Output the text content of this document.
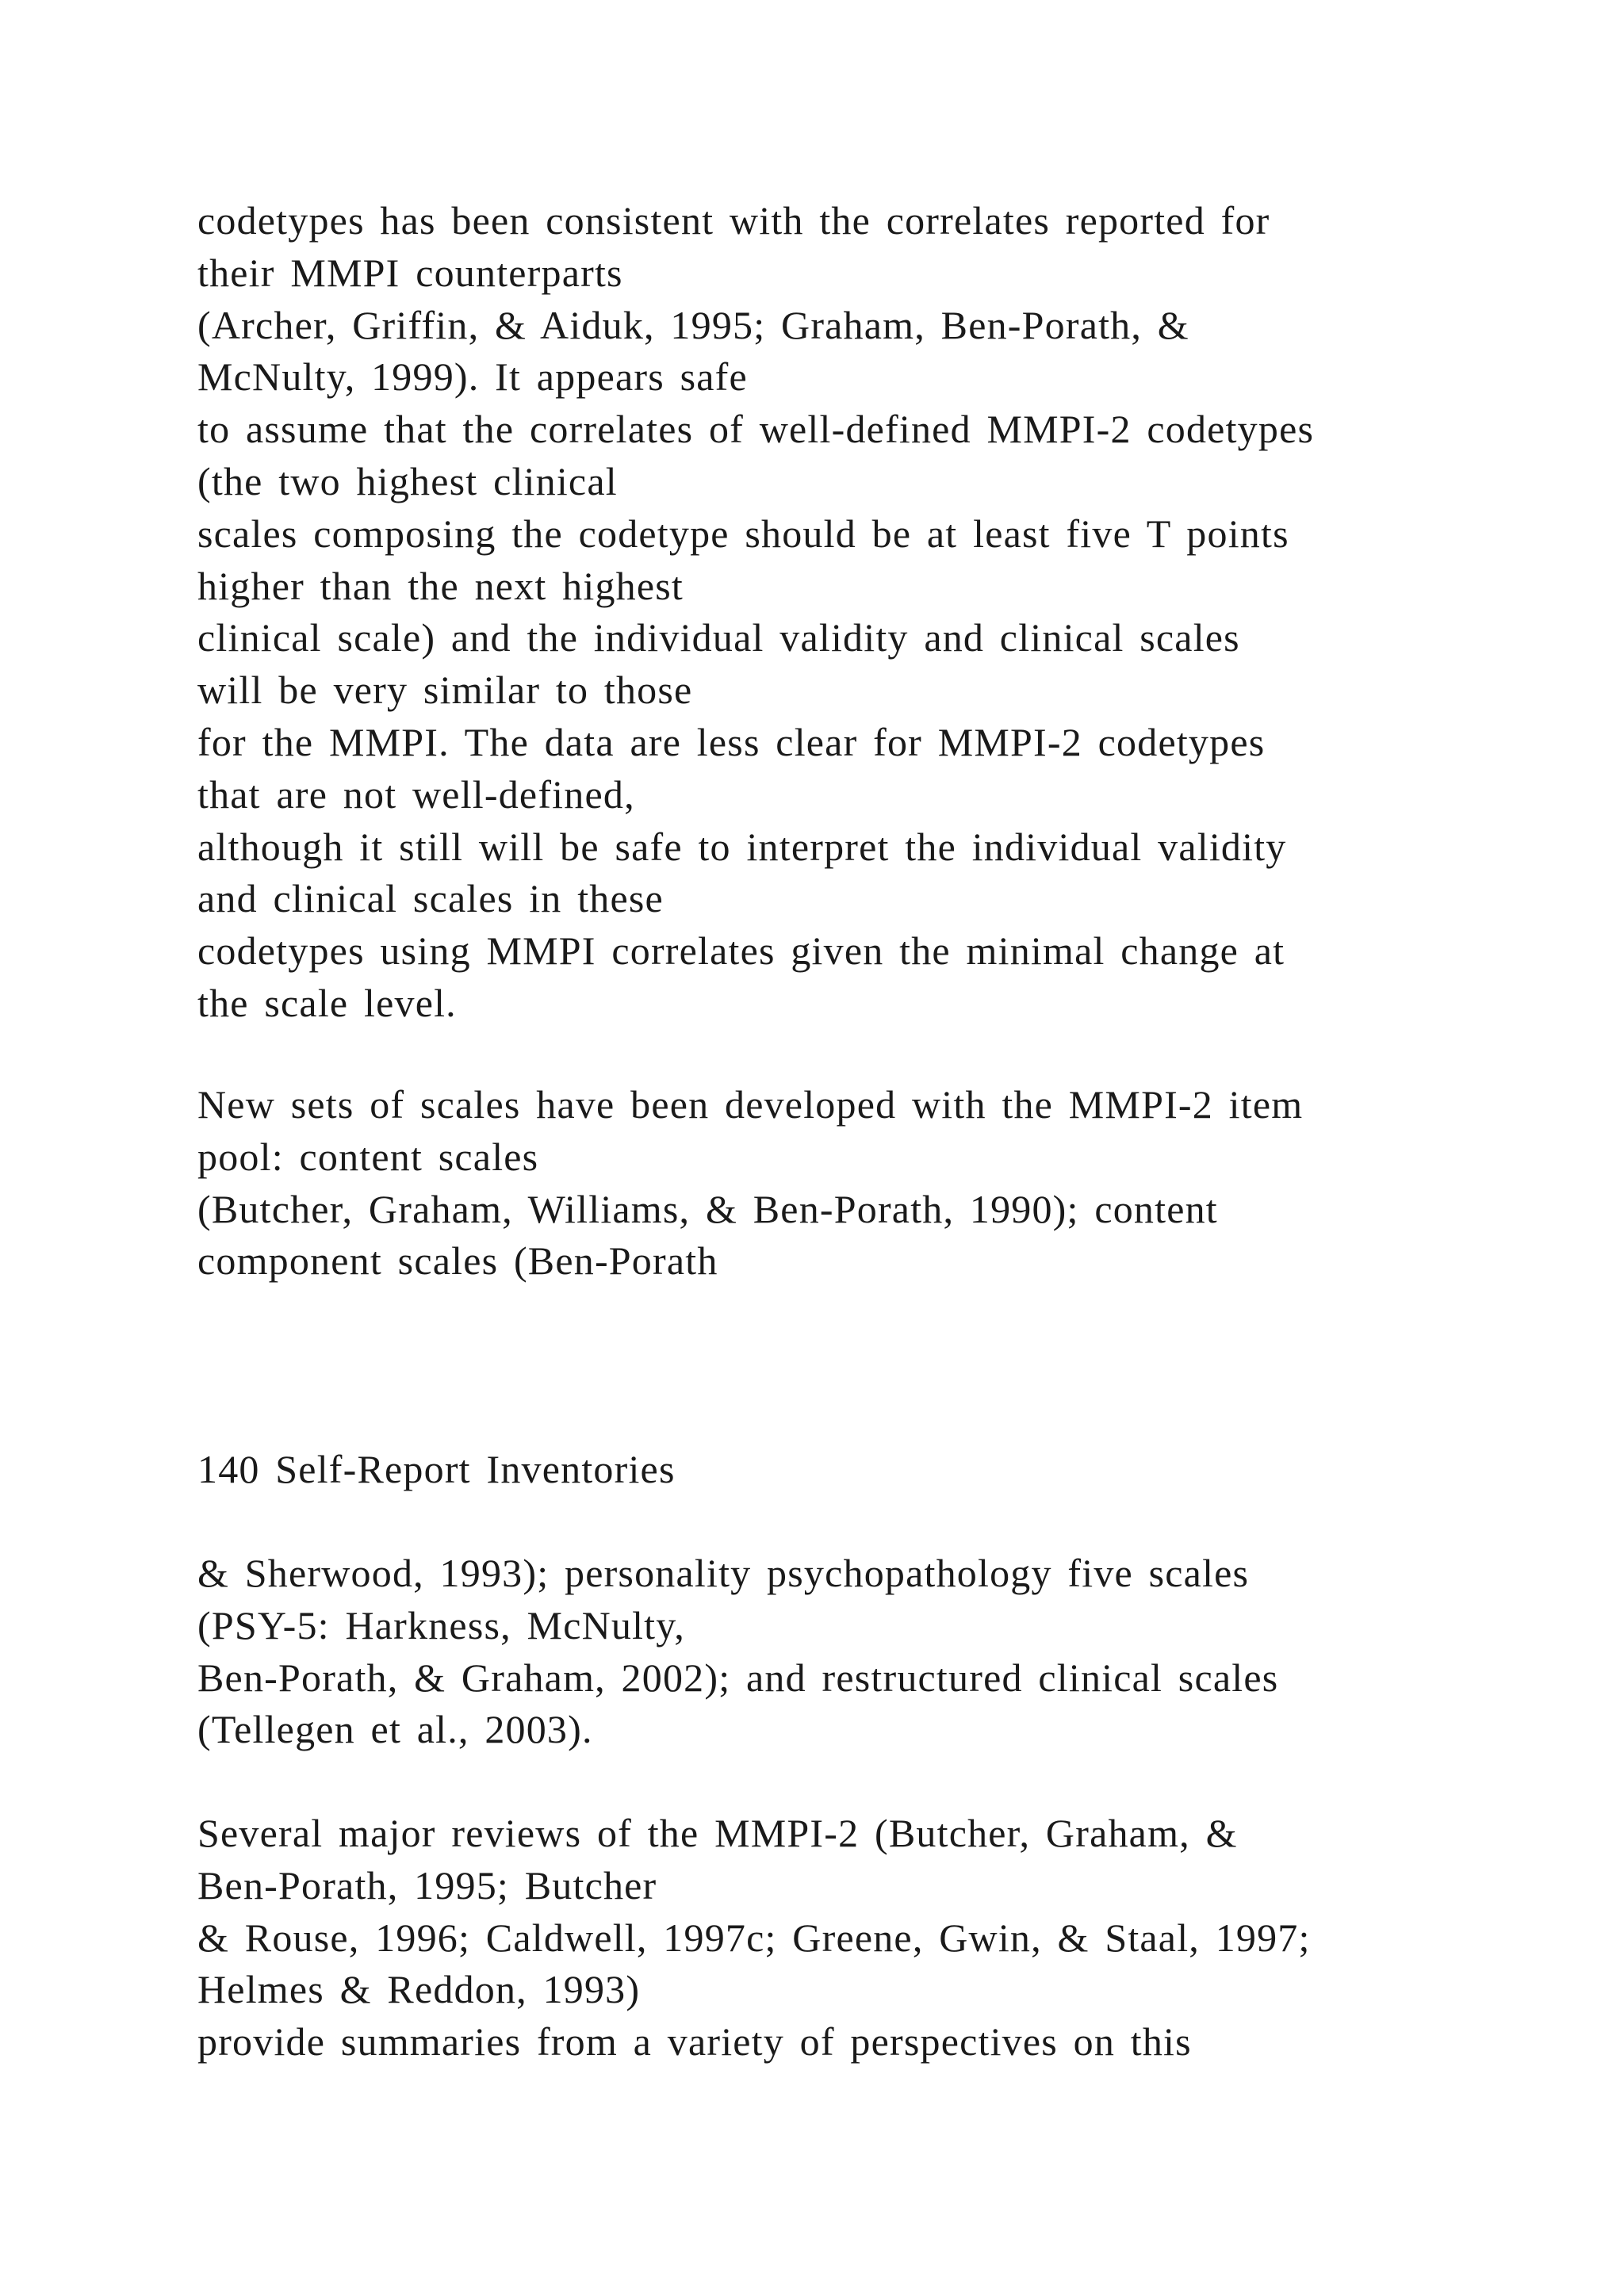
codetypes has been consistent with the correlates reported for
their MMPI counterparts
(Archer, Griffin, & Aiduk, 1995; Graham, Ben-Porath, &
McNulty, 1999). It appears safe
to assume that the correlates of well-defined MMPI-2 codetypes
(the two highest clinical
scales composing the codetype should be at least five T points
higher than the next highest
clinical scale) and the individual validity and clinical scales
will be very similar to those
for the MMPI. The data are less clear for MMPI-2 codetypes
that are not well-defined,
although it still will be safe to interpret the individual validity
and clinical scales in these
codetypes using MMPI correlates given the minimal change at
the scale level.
New sets of scales have been developed with the MMPI-2 item
pool: content scales
(Butcher, Graham, Williams, & Ben-Porath, 1990); content
component scales (Ben-Porath
140 Self-Report Inventories
& Sherwood, 1993); personality psychopathology five scales
(PSY-5: Harkness, McNulty,
Ben-Porath, & Graham, 2002); and restructured clinical scales
(Tellegen et al., 2003).
Several major reviews of the MMPI-2 (Butcher, Graham, &
Ben-Porath, 1995; Butcher
& Rouse, 1996; Caldwell, 1997c; Greene, Gwin, & Staal, 1997;
Helmes & Reddon, 1993)
provide summaries from a variety of perspectives on this
